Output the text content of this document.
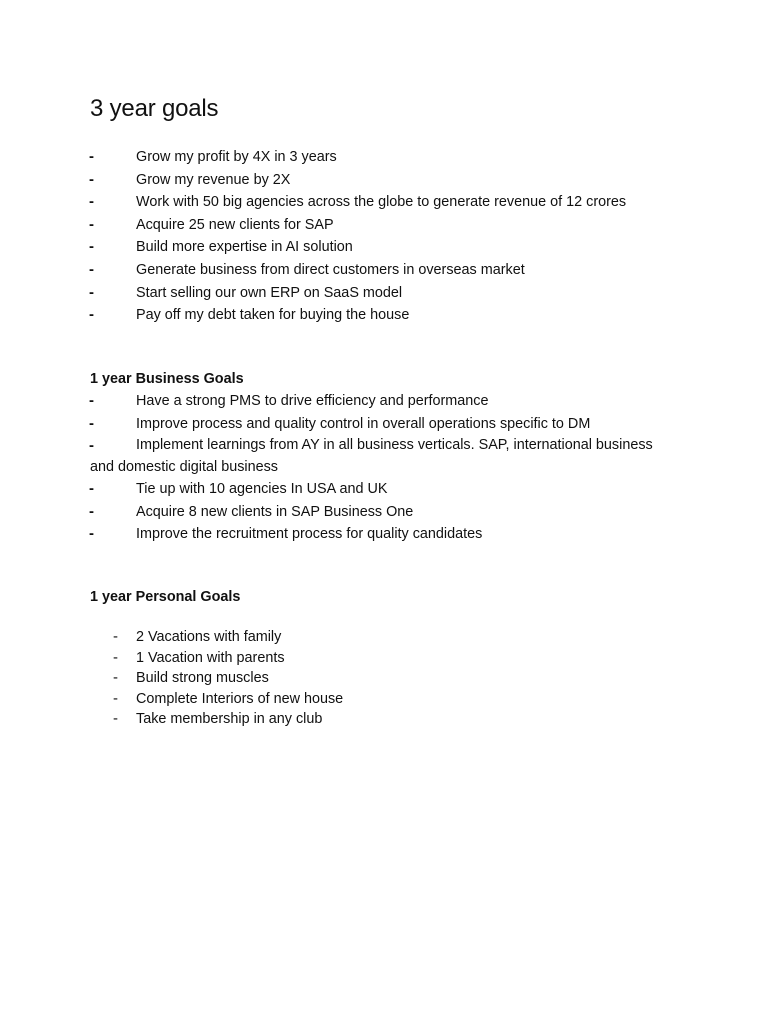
3 year goals
-	Grow my profit by 4X in 3 years
-	Grow my revenue by 2X
-	Work with 50 big agencies across the globe to generate revenue of 12 crores
-	Acquire 25 new clients for SAP
-	Build more expertise in AI solution
-	Generate business from direct customers in overseas market
-	Start selling our own ERP on SaaS model
-	Pay off my debt taken for buying the house
1 year Business Goals
-	Have a strong PMS to drive efficiency and performance
-	Improve process and quality control in overall operations specific to DM
-	Implement learnings from AY in all business verticals. SAP, international business
and domestic digital business
-	Tie up with 10 agencies In USA and UK
-	Acquire 8 new clients in SAP Business One
-	Improve the recruitment process for quality candidates
1 year Personal Goals
- 2 Vacations with family
- 1 Vacation with parents
- Build strong muscles
- Complete Interiors of new house
- Take membership in any club
